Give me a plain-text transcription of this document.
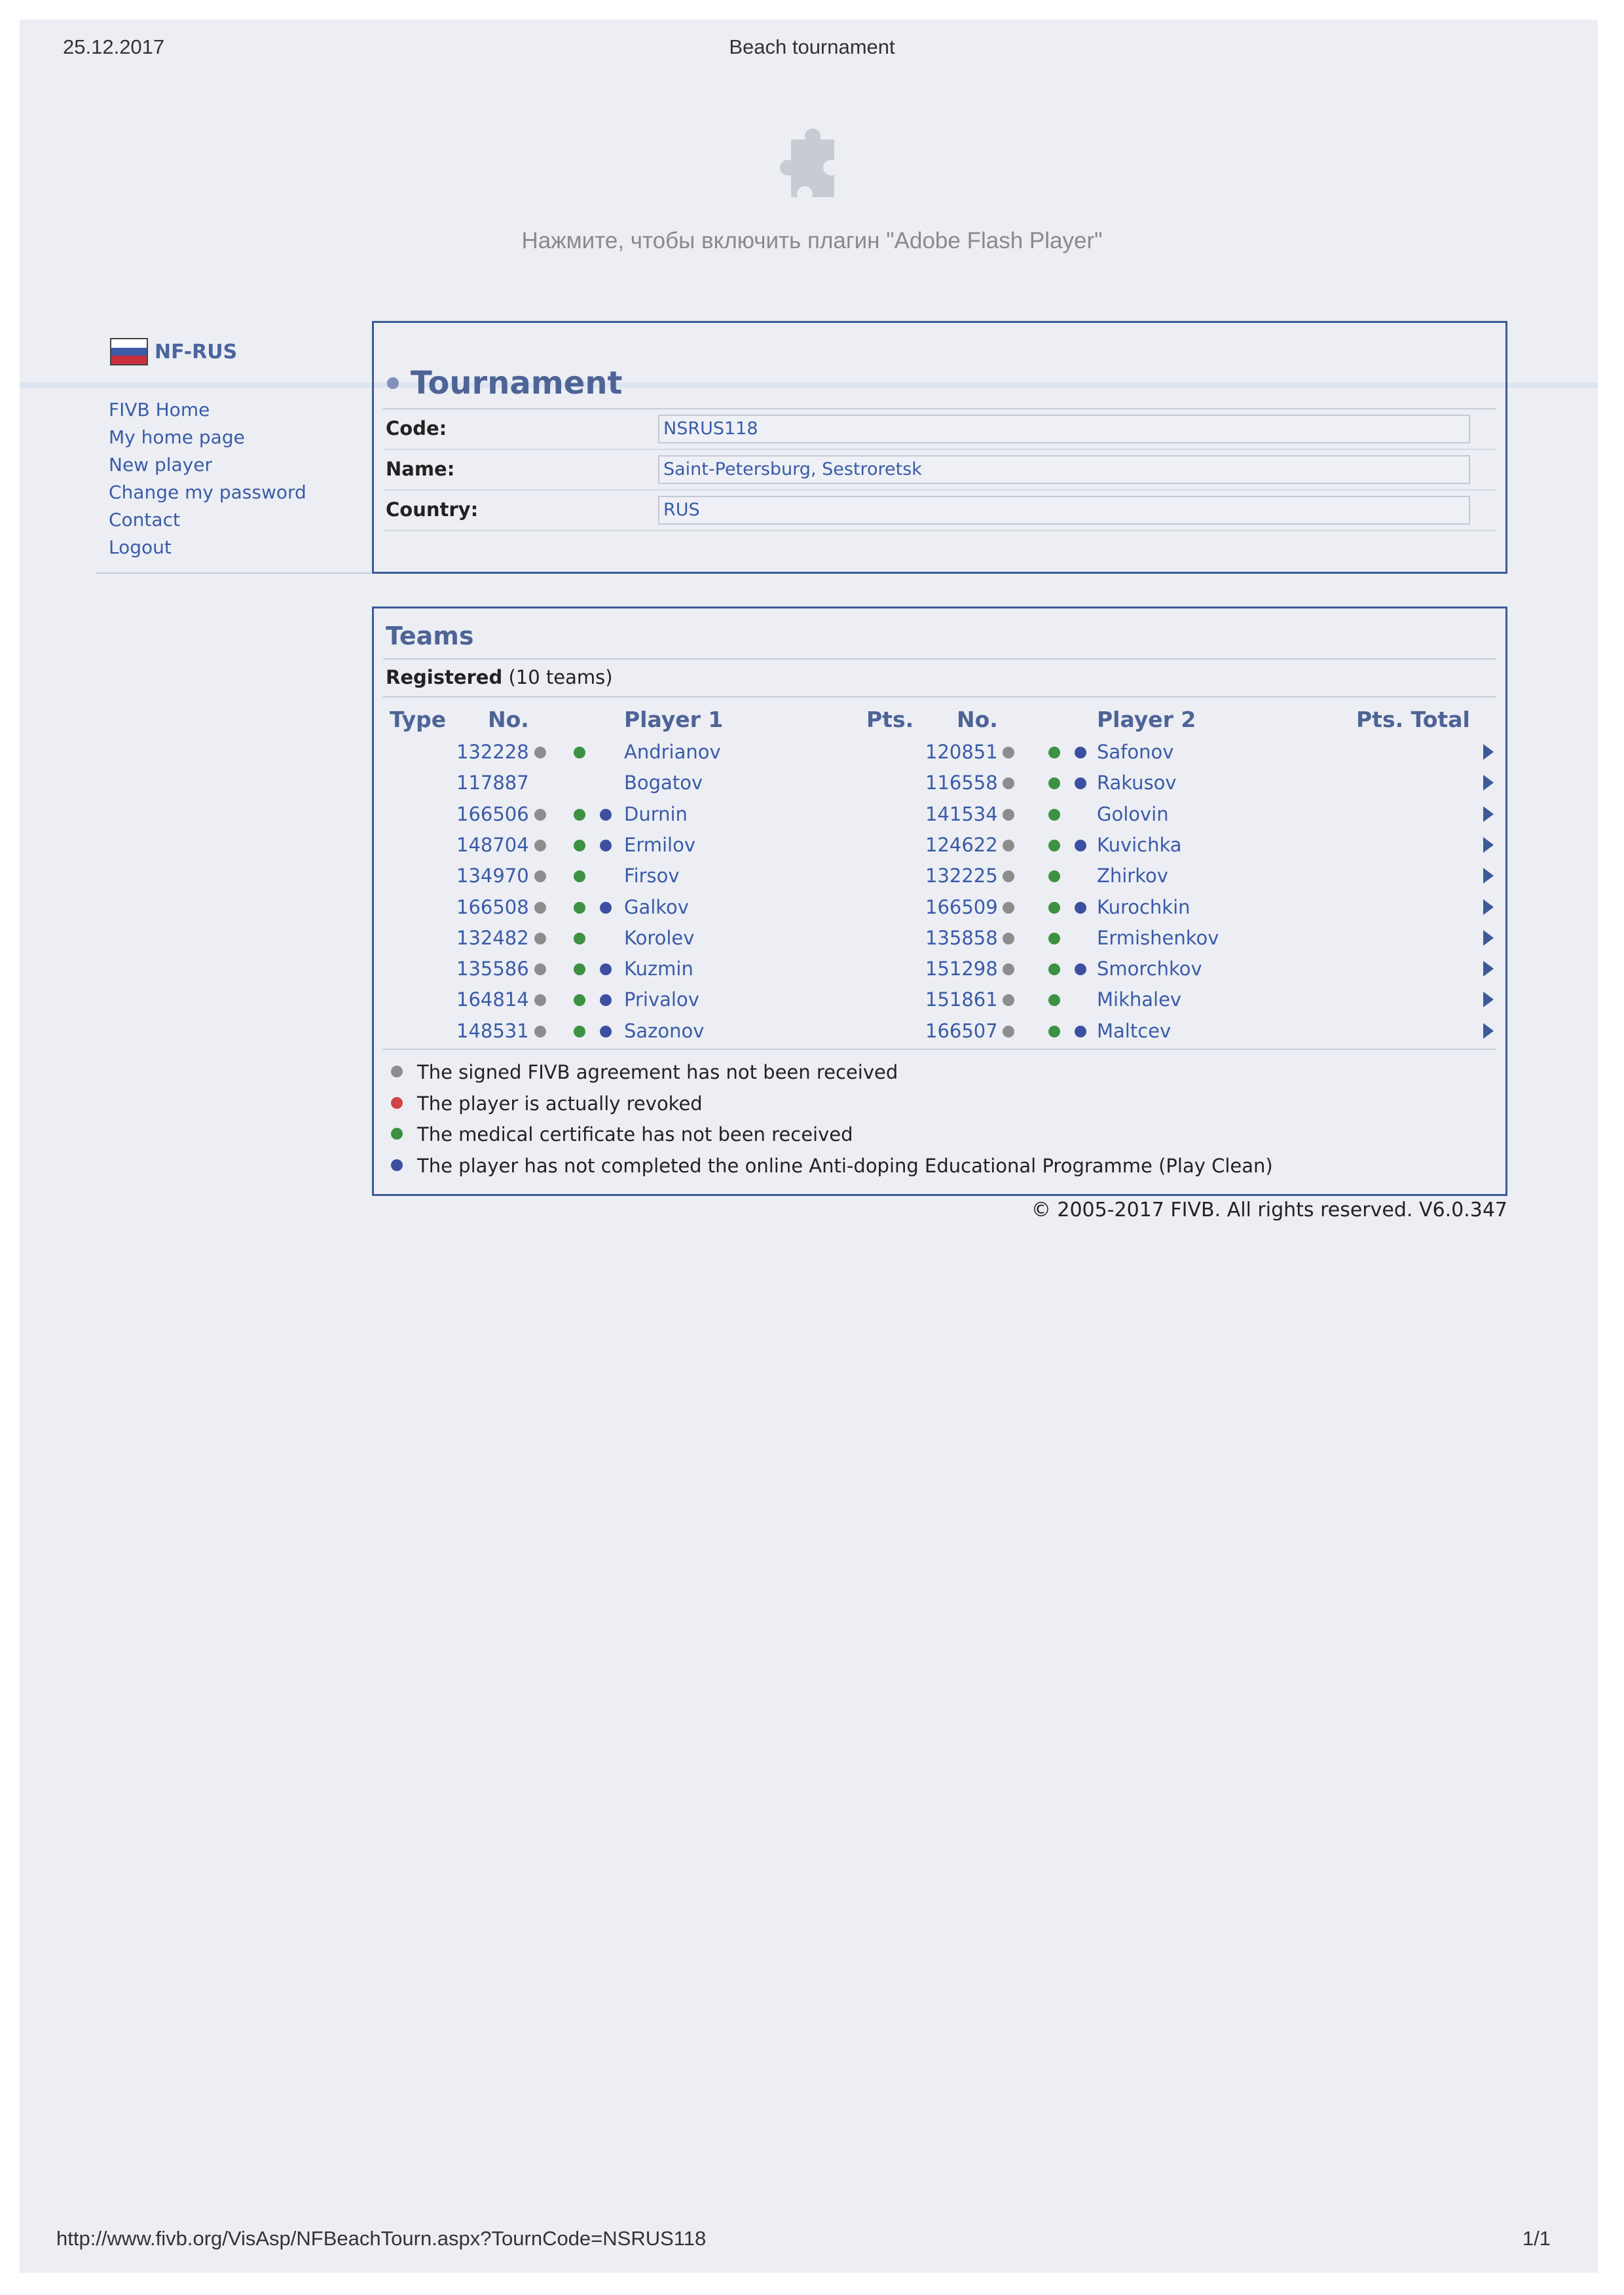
25.12.2017	Beach tournament
Нажмите, чтобы включить плагин "Adobe Flash Player"
NF-RUS
FIVB Home
My home page
New player
Change my password
Contact
Logout
Tournament
Code:	NSRUS118
Name:	Saint-Petersburg, Sestroretsk
Country:	RUS
Teams
Registered (10 teams)
Type No.	Player 1	Pts. No.	Player 2	Pts. Total
132228	Andrianov	120851	Safonov
117887	Bogatov	116558	Rakusov
166506	Durnin	141534	Golovin
148704	Ermilov	124622	Kuvichka
134970	Firsov	132225	Zhirkov
166508	Galkov	166509	Kurochkin
132482	Korolev	135858	Ermishenkov
135586	Kuzmin	151298	Smorchkov
164814	Privalov	151861	Mikhalev
148531	Sazonov	166507	Maltcev
The signed FIVB agreement has not been received
The player is actually revoked
The medical certificate has not been received
The player has not completed the online Anti-doping Educational Programme (Play Clean)
© 2005-2017 FIVB. All rights reserved. V6.0.347
http://www.fivb.org/VisAsp/NFBeachTourn.aspx?TournCode=NSRUS118	1/1
